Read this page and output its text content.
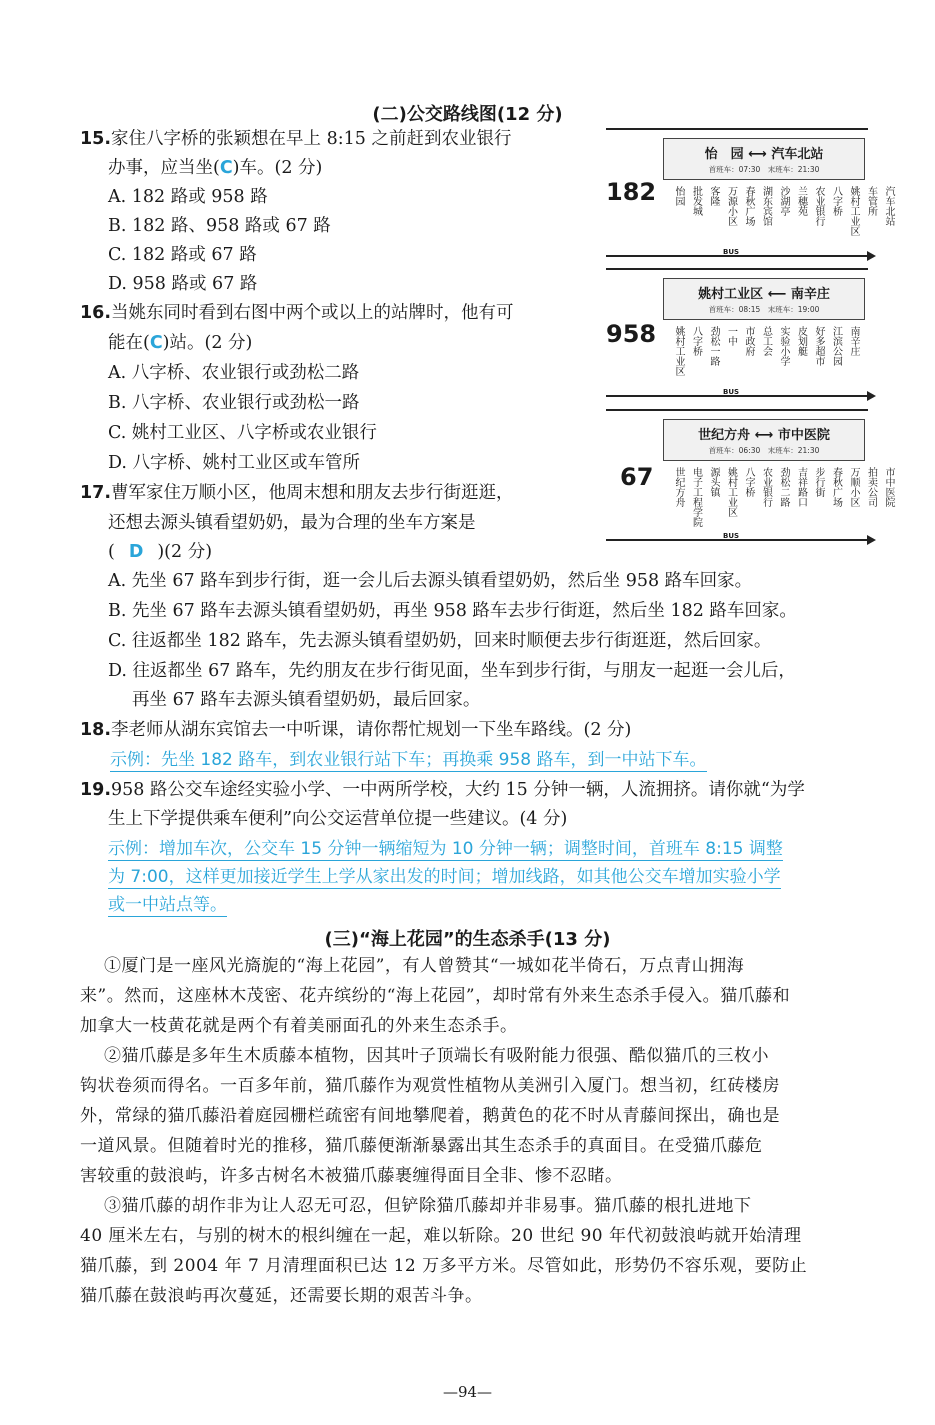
(二)公交路线图(12 分)
15.家住八字桥的张颖想在早上 8:15 之前赶到农业银行
办事，应当坐(C)车。(2 分)
A. 182 路或 958 路
B. 182 路、958 路或 67 路
C. 182 路或 67 路
D. 958 路或 67 路
16.当姚东同时看到右图中两个或以上的站牌时，他有可
能在(C)站。(2 分)
A. 八字桥、农业银行或劲松二路
B. 八字桥、农业银行或劲松一路
C. 姚村工业区、八字桥或农业银行
D. 八字桥、姚村工业区或车管所
17.曹军家住万顺小区，他周末想和朋友去步行街逛逛，
还想去源头镇看望奶奶，最为合理的坐车方案是
( D )(2 分)
A. 先坐 67 路车到步行街，逛一会儿后去源头镇看望奶奶，然后坐 958 路车回家。
B. 先坐 67 路车去源头镇看望奶奶，再坐 958 路车去步行街逛，然后坐 182 路车回家。
C. 往返都坐 182 路车，先去源头镇看望奶奶，回来时顺便去步行街逛逛，然后回家。
D. 往返都坐 67 路车，先约朋友在步行街见面，坐车到步行街，与朋友一起逛一会儿后，
再坐 67 路车去源头镇看望奶奶，最后回家。
18.李老师从湖东宾馆去一中听课，请你帮忙规划一下坐车路线。(2 分)
示例：先坐 182 路车，到农业银行站下车；再换乘 958 路车，到一中站下车。
19.958 路公交车途经实验小学、一中两所学校，大约 15 分钟一辆，人流拥挤。请你就“为学
生上下学提供乘车便利”向公交运营单位提一些建议。(4 分)
示例：增加车次，公交车 15 分钟一辆缩短为 10 分钟一辆；调整时间，首班车 8:15 调整
为 7:00，这样更加接近学生上学从家出发的时间；增加线路，如其他公交车增加实验小学
或一中站点等。
怡　园 ⟷ 汽车北站
首班车：07:30　 末班车：21:30
182 怡园 批发城 客隆 万源小区 春秋广场 湖东宾馆 沙湖亭 兰穗苑 农业银行 八字桥 姚村工业区 车管所 汽车北站
BUS
姚村工业区 ⟵ 南辛庄
首班车：08:15　 末班车：19:00
958 姚村工业区 八字桥 劲松一路 一中 市政府 总工会 实验小学 皮划艇 好多超市 江滨公园 南辛庄
BUS
世纪方舟 ⟷ 市中医院
首班车：06:30　 末班车：21:30
67 世纪方舟 电子工程学院 源头镇 姚村工业区 八字桥 农业银行 劲松二路 吉祥路口 步行街 春秋广场 万顺小区 拍卖公司 市中医院
BUS
(三)“海上花园”的生态杀手(13 分)
①厦门是一座风光旖旎的“海上花园”，有人曾赞其“一城如花半倚石，万点青山拥海
来”。然而，这座林木茂密、花卉缤纷的“海上花园”，却时常有外来生态杀手侵入。猫爪藤和
加拿大一枝黄花就是两个有着美丽面孔的外来生态杀手。
②猫爪藤是多年生木质藤本植物，因其叶子顶端长有吸附能力很强、酷似猫爪的三枚小
钩状卷须而得名。一百多年前，猫爪藤作为观赏性植物从美洲引入厦门。想当初，红砖楼房
外，常绿的猫爪藤沿着庭园栅栏疏密有间地攀爬着，鹅黄色的花不时从青藤间探出，确也是
一道风景。但随着时光的推移，猫爪藤便渐渐暴露出其生态杀手的真面目。在受猫爪藤危
害较重的鼓浪屿，许多古树名木被猫爪藤裹缠得面目全非、惨不忍睹。
③猫爪藤的胡作非为让人忍无可忍，但铲除猫爪藤却并非易事。猫爪藤的根扎进地下
40 厘米左右，与别的树木的根纠缠在一起，难以斩除。20 世纪 90 年代初鼓浪屿就开始清理
猫爪藤，到 2004 年 7 月清理面积已达 12 万多平方米。尽管如此，形势仍不容乐观，要防止
猫爪藤在鼓浪屿再次蔓延，还需要长期的艰苦斗争。
—94—
